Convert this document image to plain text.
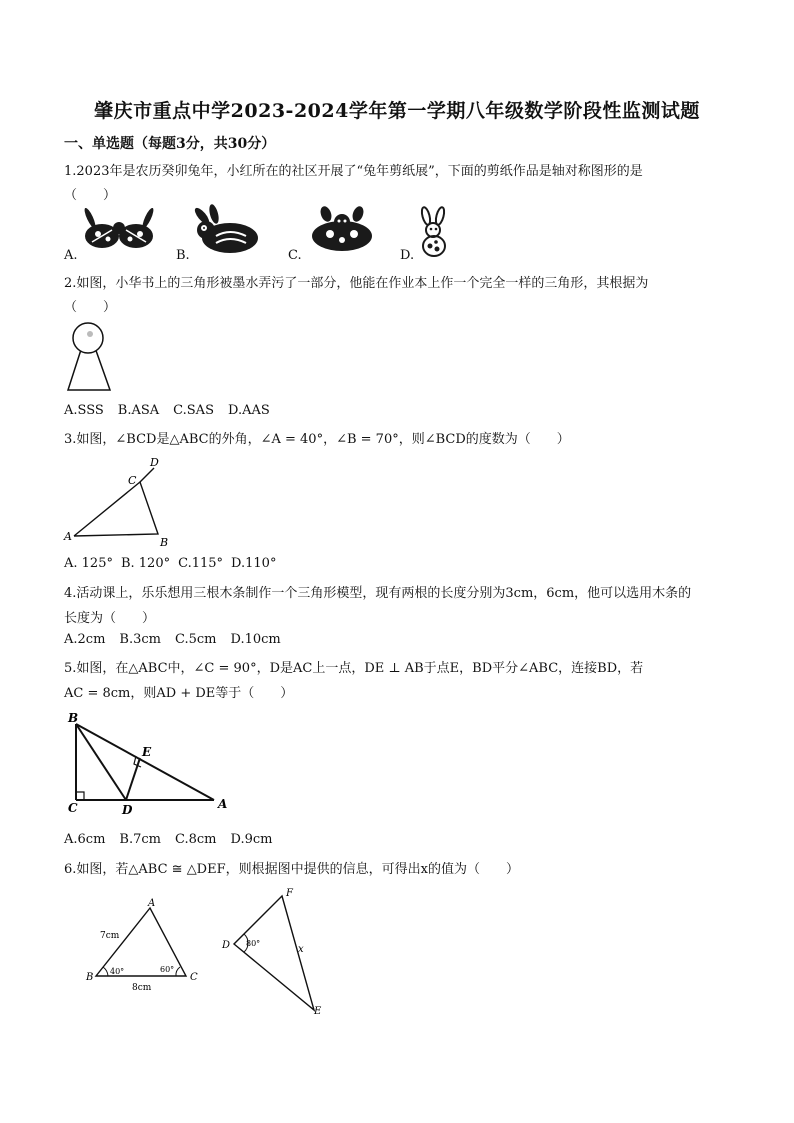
肇庆市重点中学2023-2024学年第一学期八年级数学阶段性监测试题
一、单选题（每题3分，共30分）
1.2023年是农历癸卯兔年，小红所在的社区开展了“兔年剪纸展”，下面的剪纸作品是轴对称图形的是
（　　）
A.	B.	C.	D.
2.如图，小华书上的三角形被墨水弄污了一部分，他能在作业本上作一个完全一样的三角形，其根据为
（　　）
A.SSS B.ASA C.SAS D.AAS
3.如图，∠BCD是△ABC的外角，∠A = 40°，∠B = 70°，则∠BCD的度数为（　　）
A	B
C
D
A. 125° B. 120° C.115° D.110°
4.活动课上，乐乐想用三根木条制作一个三角形模型，现有两根的长度分别为3cm，6cm，他可以选用木条的
长度为（　　）
A.2cm B.3cm C.5cm D.10cm
5.如图，在△ABC中，∠C = 90°，D是AC上一点，DE ⊥ AB于点E，BD平分∠ABC，连接BD，若
AC = 8cm，则AD + DE等于（　　）
B
C	D	A
E
A.6cm B.7cm C.8cm D.9cm
6.如图，若△ABC ≅ △DEF，则根据图中提供的信息，可得出x的值为（　　）
A
B	C
7cm
8cm
40°	60°
F
D
E
x
80°
